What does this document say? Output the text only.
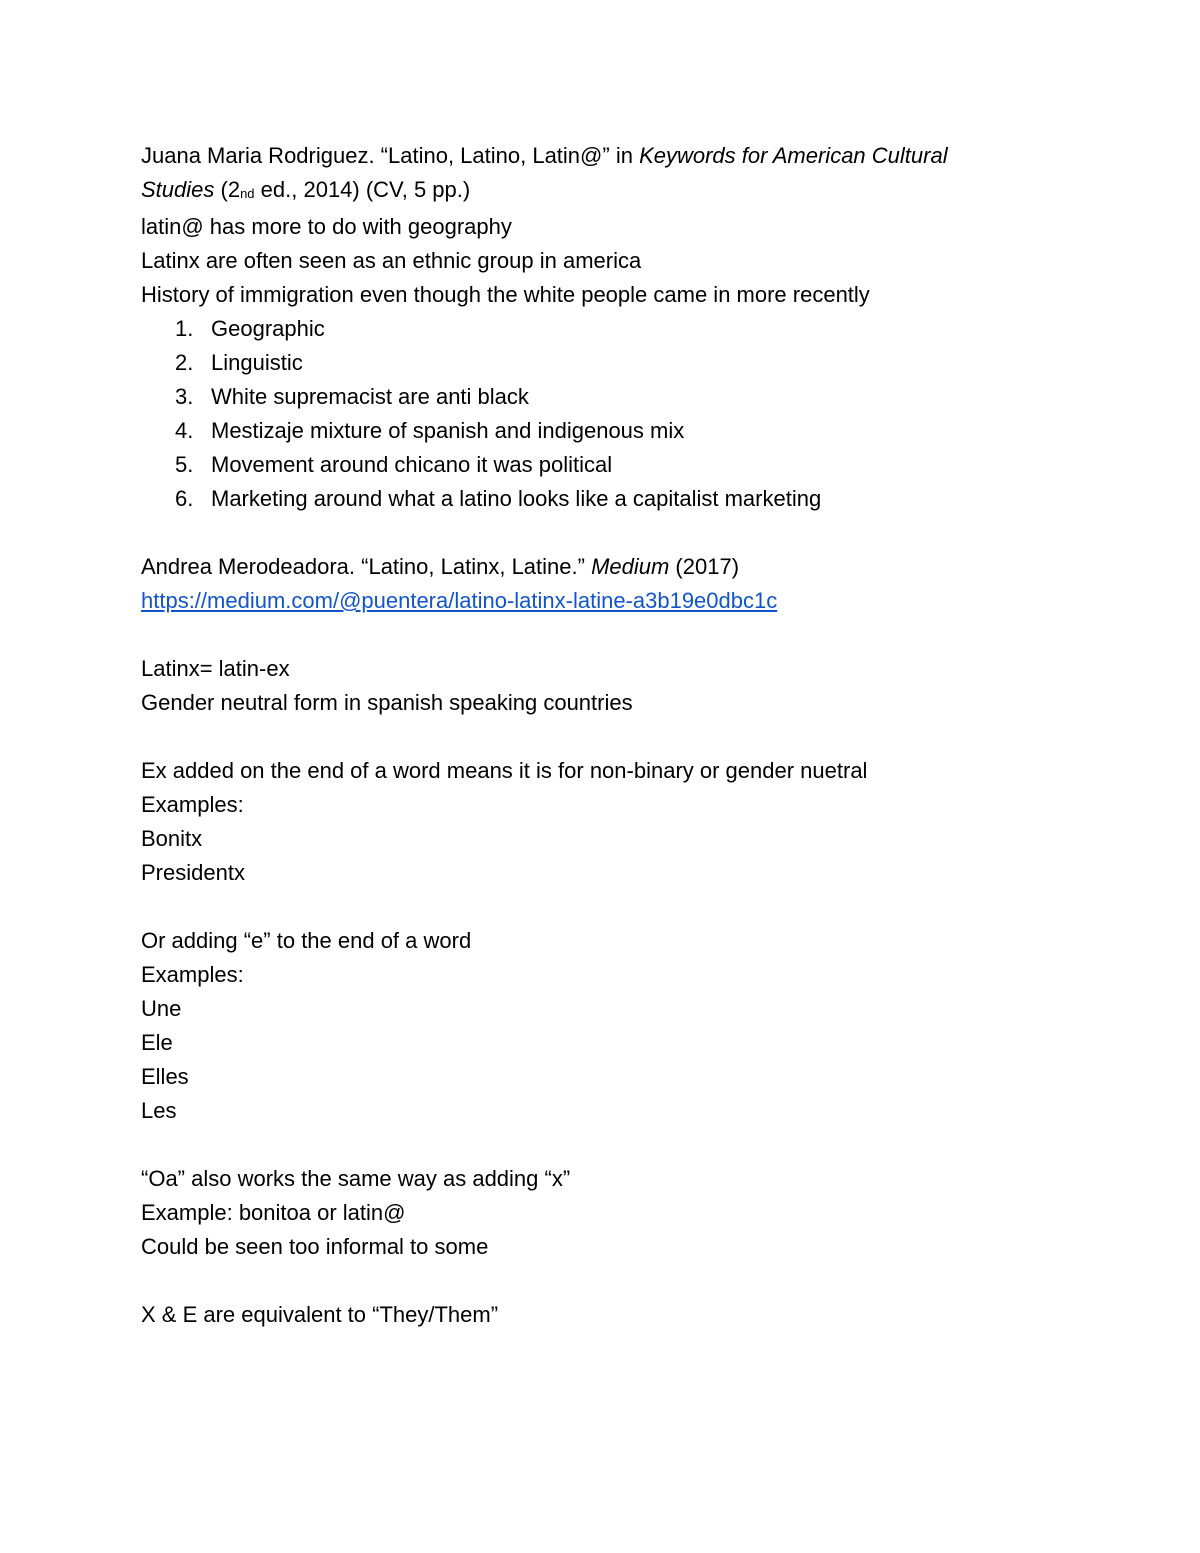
Juana Maria Rodriguez. “Latino, Latino, Latin@” in Keywords for American Cultural
Studies (2nd ed., 2014) (CV, 5 pp.)
latin@ has more to do with geography
Latinx are often seen as an ethnic group in america
History of immigration even though the white people came in more recently
1. Geographic
2. Linguistic
3. White supremacist are anti black
4. Mestizaje mixture of spanish and indigenous mix
5. Movement around chicano it was political
6. Marketing around what a latino looks like a capitalist marketing
Andrea Merodeadora. “Latino, Latinx, Latine.” Medium (2017)
https://medium.com/@puentera/latino-latinx-latine-a3b19e0dbc1c
Latinx= latin-ex
Gender neutral form in spanish speaking countries
Ex added on the end of a word means it is for non-binary or gender nuetral
Examples:
Bonitx
Presidentx
Or adding “e” to the end of a word
Examples:
Une
Ele
Elles
Les
“Oa” also works the same way as adding “x”
Example: bonitoa or latin@
Could be seen too informal to some
X & E are equivalent to “They/Them”
